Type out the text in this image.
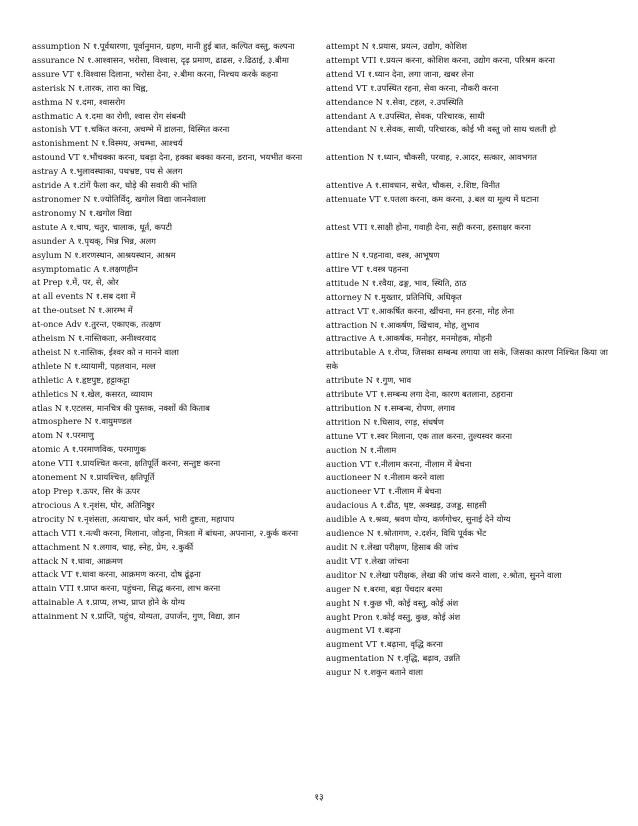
assumption N १.पूर्वधारणा, पूर्वानुमान, ग्रहण, मानी हुई बात, कल्पित वस्तु, कल्पना

assurance N १.आश्वासन, भरोसा, विश्वास, दृढ़ प्रमाण, ढाढस, २.ढिठाई, ३.बीमा

assure VT १.विश्वास दिलाना, भरोसा देना, २.बीमा करना, निश्चय करके कहना

asterisk N १.तारक, तारा का चिह्न,

asthma N १.दमा, श्वासरोग

asthmatic A १.दमा का रोगी, श्वास रोग संबन्धी

astonish VT १.चकित करना, अचम्भे में डालना, विस्मित करना

astonishment N १.विस्मय, अचम्भा, आश्चर्य

astound VT १.भौंचक्का करना, घबड़ा देना, हक्का बक्का करना, डराना, भयभीत करना

astray A १.भुलावस्थाका, पथभ्रष्ट, पथ से अलग

astride A १.टांगें फैला कर, घोड़े की सवारी की भांति

astronomer N १.ज्योतिर्विद्, खगोल विद्या जाननेवाला

astronomy N १.खगोल विद्या

astute A १.चाघ, चतुर, चालाक, धूर्त, कपटी

asunder A १.पृथक्, भिन्न भिन्न, अलग

asylum N १.शरणस्थान, आश्रयस्थान, आश्रम

asymptomatic A १.लक्षणहीन

at Prep १.में, पर, से, ओर

at all events N १.सब दशा में

at the-outset N १.आरम्भ में

at-once Adv १.तुरन्त, एकाएक, तत्क्षण

atheism N १.नास्तिकता, अनीश्वरवाद

atheist N १.नास्तिक, ईश्वर को न मानने वाला

athlete N १.व्यायामी, पहलवान, मल्ल

athletic A १.हृष्टपुष्ट, हट्टाकट्टा

athletics N १.खेल, कसरत, व्यायाम

atlas N १.एटलस, मानचित्र की पुस्तक, नक्शों की किताब

atmosphere N १.वायुमण्डल

atom N १.परमाणु

atomic A १.परमाणविक, परमाणुक

atone VTI १.प्रायश्चित करना, क्षतिपूर्ति करना, सन्तुष्ट करना

atonement N १.प्रायश्चित्त, क्षतिपूर्ति

atop Prep १.ऊपर, सिर के ऊपर

atrocious A १.नृशंस, घोर, अतिनिष्ठुर

atrocity N १.नृशंसता, अत्याचार, घोर कर्म, भारी दुष्टता, महापाप

attach VTI १.नत्थी करना, मिलाना, जोड़ना, मित्रता में बांधना, अपनाना, २.कुर्क करना

attachment N १.लगाव, चाह, स्नेह, प्रेम, २.कुर्की

attack N १.धावा, आक्रमण

attack VT १.धावा करना, आक्रमण करना, दोष ढूंढ़ना

attain VTI १.प्राप्त करना, पहुंचना, सिद्ध करना, लाभ करना

attainable A १.प्राप्य, लभ्य, प्राप्त होने के योग्य

attainment N १.प्राप्ति, पहुंच, योग्यता, उपार्जन, गुण, विद्या, ज्ञान

attempt N १.प्रयास, प्रयत्न, उद्योग, कोशिश

attempt VTI १.प्रयत्न करना, कोशिश करना, उद्योग करना, परिश्रम करना

attend VI १.ध्यान देना, लगा जाना, खबर लेना

attend VT १.उपस्थित रहना, सेवा करना, नौकरी करना

attendance N १.सेवा, टहल, २.उपस्थिति

attendant A १.उपस्थित, सेवक, परिचारक, साथी

attendant N १.सेवक, साथी, परिचारक, कोई भी वस्तु जो साथ चलती हो

attention N १.ध्यान, चौकसी, परवाह, २.आदर, सत्कार, आवभगत

attentive A १.सावधान, सचेत, चौकस, २.शिष्ट, विनीत

attenuate VT १.पतला करना, कम करना, ३.बल या मूल्य में घटाना

attest VTI १.साक्षी होना, गवाही देना, सही करना, हस्ताक्षर करना

attire N १.पहनावा, वस्त्र, आभूषण

attire VT १.वस्त्र पहनना

attitude N १.रवैया, ढङ्ग, भाव, स्थिति, ठाठ

attorney N १.मुख्तार, प्रतिनिधि, अधिकृत

attract VT १.आकर्षित करना, खींचना, मन हरना, मोह लेना

attraction N १.आकर्षण, खिंचाव, मोह, लुभाव

attractive A १.आकर्षक, मनोहर, मनमोहक, मोहनी

attributable A १.रोप्य, जिसका सम्बन्ध लगाया जा सके, जिसका कारण निश्चित किया जा सके

attribute N १.गुण, भाव

attribute VT १.सम्बन्ध लगा देना, कारण बतलाना, ठहराना

attribution N १.सम्बन्ध, रोपण, लगाव

attrition N १.घिसाव, रगड़, संघर्षण

attune VT १.स्वर मिलाना, एक ताल करना, तुल्यस्वर करना

auction N १.नीलाम

auction VT १.नीलाम करना, नीलाम में बेचना

auctioneer N १.नीलाम करने वाला

auctioneer VT १.नीलाम में बेचना

audacious A १.ढीठ, धृष्ट, अक्खड़, उजड्ड, साहसी

audible A १.श्रव्य, श्रवण योग्य, कर्णगोचर, सुनाई देने योग्य

audience N १.श्रोतागण, २.दर्शन, विधि पूर्वक भेंट

audit N १.लेखा परीक्षण, हिसाब की जांच

audit VT १.लेखा जांचना

auditor N १.लेखा परीक्षक, लेखा की जांच करने वाला, २.श्रोता, सुनने वाला

auger N १.बरमा, बड़ा पेंचदार बरमा

aught N १.कुछ भी, कोई वस्तु, कोई अंश

aught Pron १.कोई वस्तु, कुछ, कोई अंश

augment VI १.बढ़ना

augment VT १.बढ़ाना, वृद्धि करना

augmentation N १.वृद्धि, बढ़ाव, उन्नति

augur N १.शकुन बताने वाला

१३
